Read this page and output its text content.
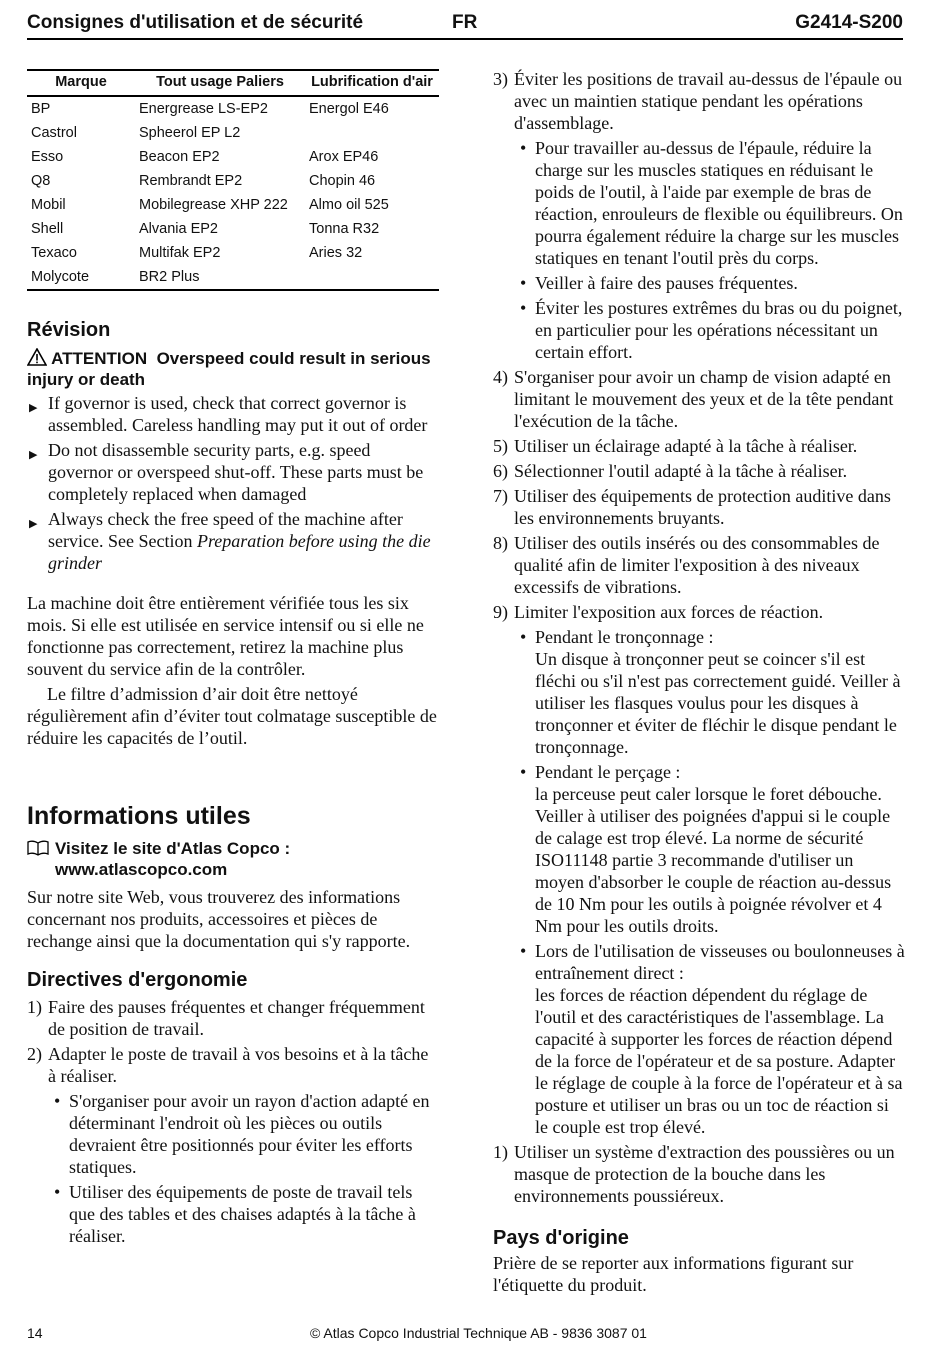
Consignes d'utilisation et de sécurité	FR	G2414-S200
Marque	Tout usage Paliers	Lubrification d'air
BP	Energrease LS-EP2	Energol E46
Castrol	Spheerol EP L2	
Esso	Beacon EP2	Arox EP46
Q8	Rembrandt EP2	Chopin 46
Mobil	Mobilegrease XHP 222	Almo oil 525
Shell	Alvania EP2	Tonna R32
Texaco	Multifak EP2	Aries 32
Molycote	BR2 Plus	
Révision
ATTENTION Overspeed could result in serious injury or death
▶ If governor is used, check that correct governor is assembled. Careless handling may put it out of order
▶ Do not disassemble security parts, e.g. speed governor or overspeed shut-off. These parts must be completely replaced when damaged
▶ Always check the free speed of the machine after service. See Section Preparation before using the die grinder
La machine doit être entièrement vérifiée tous les six mois. Si elle est utilisée en service intensif ou si elle ne fonctionne pas correctement, retirez la machine plus souvent du service afin de la contrôler.
Le filtre d’admission d’air doit être nettoyé régulièrement afin d’éviter tout colmatage susceptible de réduire les capacités de l’outil.
Informations utiles
Visitez le site d'Atlas Copco :
www.atlascopco.com
Sur notre site Web, vous trouverez des informations concernant nos produits, accessoires et pièces de rechange ainsi que la documentation qui s'y rapporte.
Directives d'ergonomie
1) Faire des pauses fréquentes et changer fréquemment de position de travail.
2) Adapter le poste de travail à vos besoins et à la tâche à réaliser.
• S'organiser pour avoir un rayon d'action adapté en déterminant l'endroit où les pièces ou outils devraient être positionnés pour éviter les efforts statiques.
• Utiliser des équipements de poste de travail tels que des tables et des chaises adaptés à la tâche à réaliser.
3) Éviter les positions de travail au-dessus de l'épaule ou avec un maintien statique pendant les opérations d'assemblage.
• Pour travailler au-dessus de l'épaule, réduire la charge sur les muscles statiques en réduisant le poids de l'outil, à l'aide par exemple de bras de réaction, enrouleurs de flexible ou équilibreurs. On pourra également réduire la charge sur les muscles statiques en tenant l'outil près du corps.
• Veiller à faire des pauses fréquentes.
• Éviter les postures extrêmes du bras ou du poignet, en particulier pour les opérations nécessitant un certain effort.
4) S'organiser pour avoir un champ de vision adapté en limitant le mouvement des yeux et de la tête pendant l'exécution de la tâche.
5) Utiliser un éclairage adapté à la tâche à réaliser.
6) Sélectionner l'outil adapté à la tâche à réaliser.
7) Utiliser des équipements de protection auditive dans les environnements bruyants.
8) Utiliser des outils insérés ou des consommables de qualité afin de limiter l'exposition à des niveaux excessifs de vibrations.
9) Limiter l'exposition aux forces de réaction.
• Pendant le tronçonnage :
Un disque à tronçonner peut se coincer s'il est fléchi ou s'il n'est pas correctement guidé. Veiller à utiliser les flasques voulus pour les disques à tronçonner et éviter de fléchir le disque pendant le tronçonnage.
• Pendant le perçage :
la perceuse peut caler lorsque le foret débouche. Veiller à utiliser des poignées d'appui si le couple de calage est trop élevé. La norme de sécurité ISO11148 partie 3 recommande d'utiliser un moyen d'absorber le couple de réaction au-dessus de 10 Nm pour les outils à poignée révolver et 4 Nm pour les outils droits.
• Lors de l'utilisation de visseuses ou boulonneuses à entraînement direct :
les forces de réaction dépendent du réglage de l'outil et des caractéristiques de l'assemblage. La capacité à supporter les forces de réaction dépend de la force de l'opérateur et de sa posture. Adapter le réglage de couple à la force de l'opérateur et à sa posture et utiliser un bras ou un toc de réaction si le couple est trop élevé.
1) Utiliser un système d'extraction des poussières ou un masque de protection de la bouche dans les environnements poussiéreux.
Pays d'origine
Prière de se reporter aux informations figurant sur l'étiquette du produit.
14	© Atlas Copco Industrial Technique AB - 9836 3087 01
